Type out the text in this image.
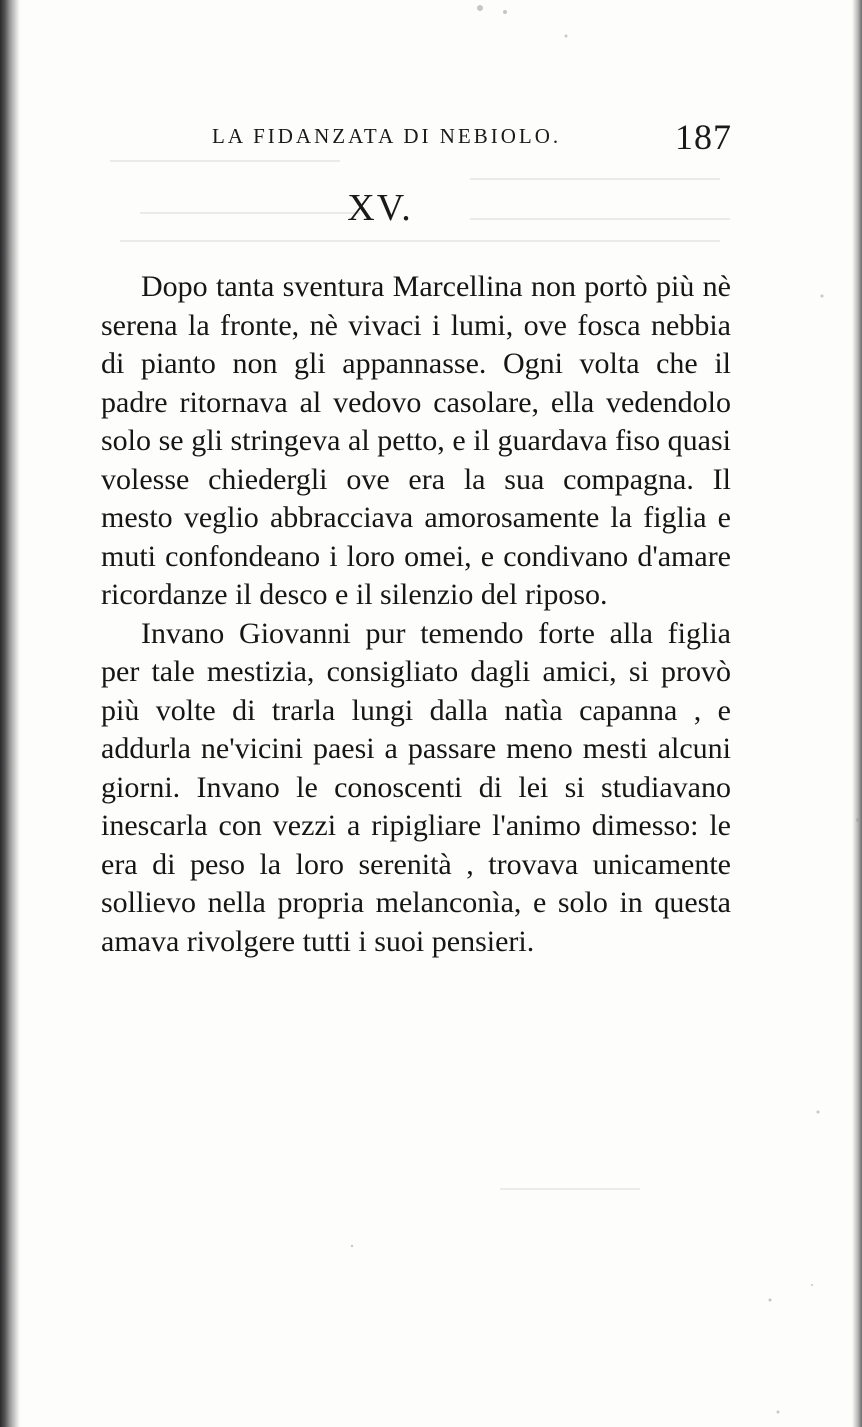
LA FIDANZATA DI NEBIOLO.	187
XV.

Dopo tanta sventura Marcellina non portò più nè serena la fronte, nè vivaci i lumi, ove fosca nebbia di pianto non gli appannasse. Ogni volta che il padre ritornava al vedovo casolare, ella vedendolo solo se gli stringeva al petto, e il guardava fiso quasi volesse chiedergli ove era la sua compagna. Il mesto veglio abbracciava amorosamente la figlia e muti confondeano i loro omei, e condivano d'amare ricordanze il desco e il silenzio del riposo.

Invano Giovanni pur temendo forte alla figlia per tale mestizia, consigliato dagli amici, si provò più volte di trarla lungi dalla natìa capanna , e addurla ne'vicini paesi a passare meno mesti alcuni giorni. Invano le conoscenti di lei si studiavano inescarla con vezzi a ripigliare l'animo dimesso: le era di peso la loro serenità , trovava unicamente sollievo nella propria melanconìa, e solo in questa amava rivolgere tutti i suoi pensieri.
